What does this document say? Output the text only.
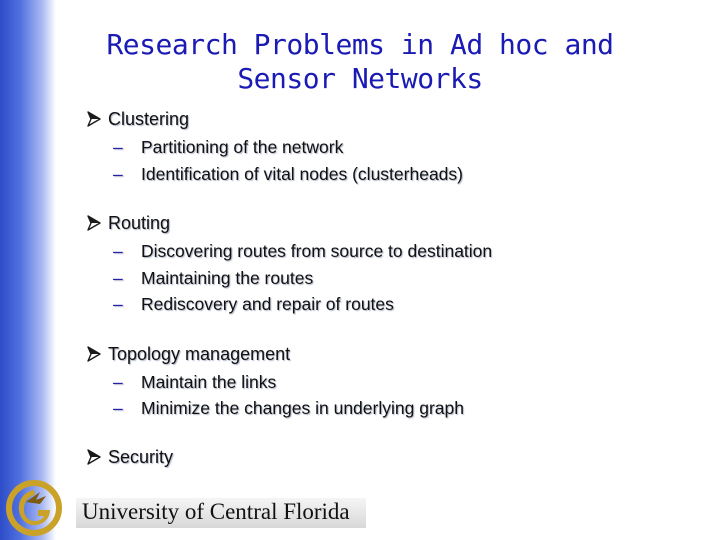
Research Problems in Ad hoc and
Sensor Networks
Clustering
– Partitioning of the network
– Identification of vital nodes (clusterheads)
Routing
– Discovering routes from source to destination
– Maintaining the routes
– Rediscovery and repair of routes
Topology management
– Maintain the links
– Minimize the changes in underlying graph
Security
University of Central Florida
